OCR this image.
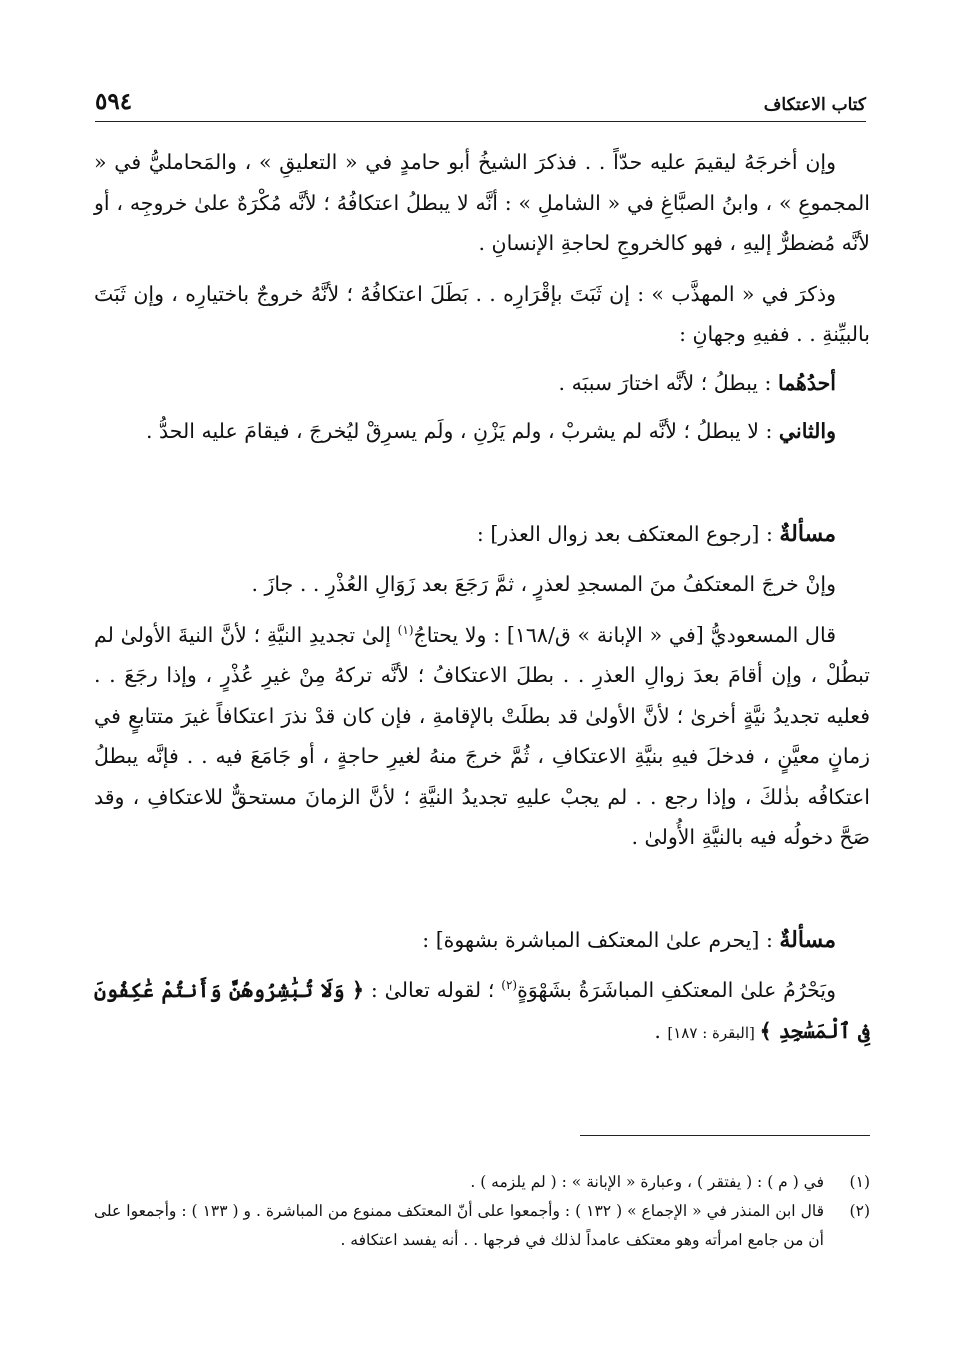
كتاب الاعتكاف
٥٩٤

وإن أخرجَهُ ليقيمَ عليه حدّاً . . فذكرَ الشيخُ أبو حامدٍ في « التعليقِ » ، والمَحامليُّ في « المجموعِ » ، وابنُ الصبَّاغِ في « الشاملِ » : أنَّه لا يبطلُ اعتكافُهُ ؛ لأنَّه مُكْرَهٌ علىٰ خروجِه ، أو لأنَّه مُضطرٌّ إليهِ ، فهو كالخروجِ لحاجةِ الإنسانِ .

وذكرَ في « المهذَّب » : إن ثَبَتَ بإقْرَارِه . . بَطَلَ اعتكافُهُ ؛ لأنَّهُ خروجٌ باختيارِه ، وإن ثَبَتَ بالبيِّنةِ . . ففيهِ وجهانِ :

أحدُهُما : يبطلُ ؛ لأنَّه اختارَ سببَه .

والثاني : لا يبطلُ ؛ لأنَّه لم يشربْ ، ولم يَزْنِ ، ولَم يسرِقْ ليُخرجَ ، فيقامَ عليه الحدُّ .

مسألةٌ : [رجوع المعتكف بعد زوال العذر] :

وإنْ خرجَ المعتكفُ منَ المسجدِ لعذرٍ ، ثمَّ رَجَعَ بعد زَوَالِ العُذْرِ . . جازَ .

قال المسعوديُّ [في « الإبانة » ق/١٦٨] : ولا يحتاجُ$^{(١)}$ إلىٰ تجديدِ النيَّةِ ؛ لأنَّ النيةَ الأولىٰ لم تبطُلْ ، وإن أقامَ بعدَ زوالِ العذرِ . . بطلَ الاعتكافُ ؛ لأنَّه تركهُ مِنْ غيرِ عُذْرٍ ، وإذا رجَعَ . . فعليه تجديدُ نيَّةٍ أخرىٰ ؛ لأنَّ الأولىٰ قد بطلَتْ بالإقامةِ ، فإن كان قدْ نذرَ اعتكافاً غيرَ متتابعٍ في زمانٍ معيَّنٍ ، فدخلَ فيهِ بنيَّةِ الاعتكافِ ، ثُمَّ خرجَ منهُ لغيرِ حاجةٍ ، أو جَامَعَ فيه . . فإنَّه يبطلُ اعتكافُه بذٰلكَ ، وإذا رجع . . لم يجبْ عليهِ تجديدُ النيَّةِ ؛ لأنَّ الزمانَ مستحقٌّ للاعتكافِ ، وقد صَحَّ دخولُه فيه بالنيَّةِ الأُولىٰ .

مسألةٌ : [يحرم علىٰ المعتكف المباشرة بشهوة] :

ويَحْرُمُ علىٰ المعتكفِ المباشَرَةُ بشَهْوَةٍ$^{(٢)}$ ؛ لقوله تعالىٰ : ﴿ وَلَا تُبَٰشِرُوهُنَّ وَأَنتُمْ عَٰكِفُونَ فِى ٱلْمَسَٰجِدِ ﴾ [البقرة : ١٨٧] .

(١)
في ( م ) : ( يفتقر ) ، وعبارة « الإبانة » : ( لم يلزمه ) .
(٢)
قال ابن المنذر في « الإجماع » ( ١٣٢ ) : وأجمعوا على أنّ المعتكف ممنوع من المباشرة . و ( ١٣٣ ) : وأجمعوا على أن من جامع امرأته وهو معتكف عامداً لذلك في فرجها . . أنه يفسد اعتكافه .
